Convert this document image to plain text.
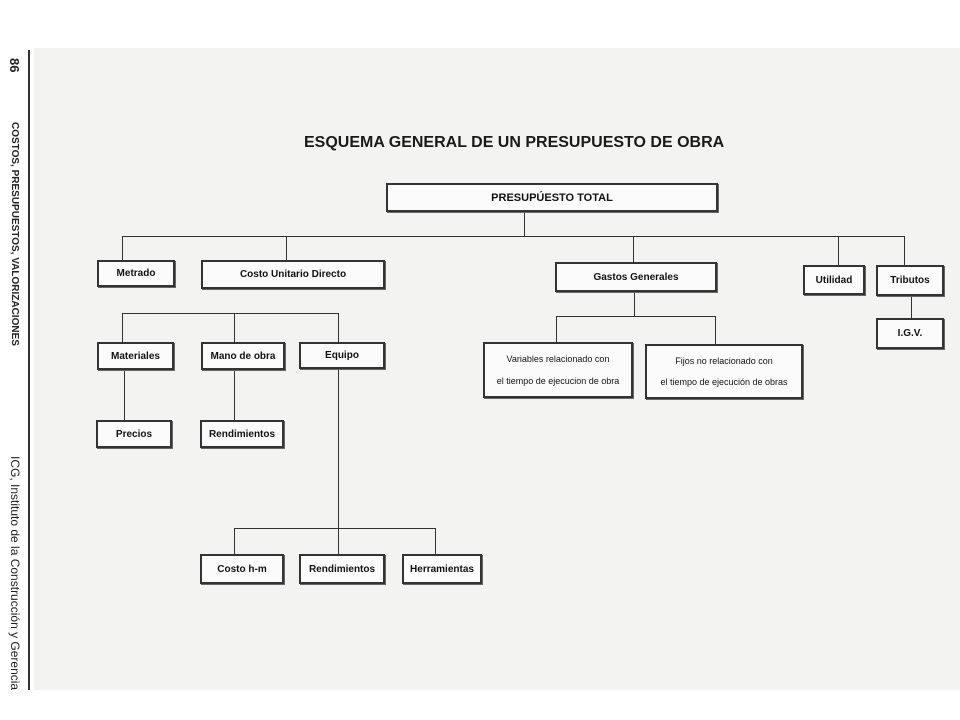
86
COSTOS, PRESUPUESTOS, VALORIZACIONES
ICG, Instituto de la Construcción y Gerencia
ESQUEMA GENERAL DE UN PRESUPUESTO DE OBRA
PRESUPÚESTO TOTAL
Metrado	Costo Unitario Directo	Gastos Generales	Utilidad	Tributos
Materiales	Mano de obra	Equipo	Variables relacionado con
el tiempo de ejecucion de obra
Fijos no relacionado con
el tiempo de ejecución de obras
I.G.V.
Precios	Rendimientos
Costo h-m	Rendimientos	Herramientas
